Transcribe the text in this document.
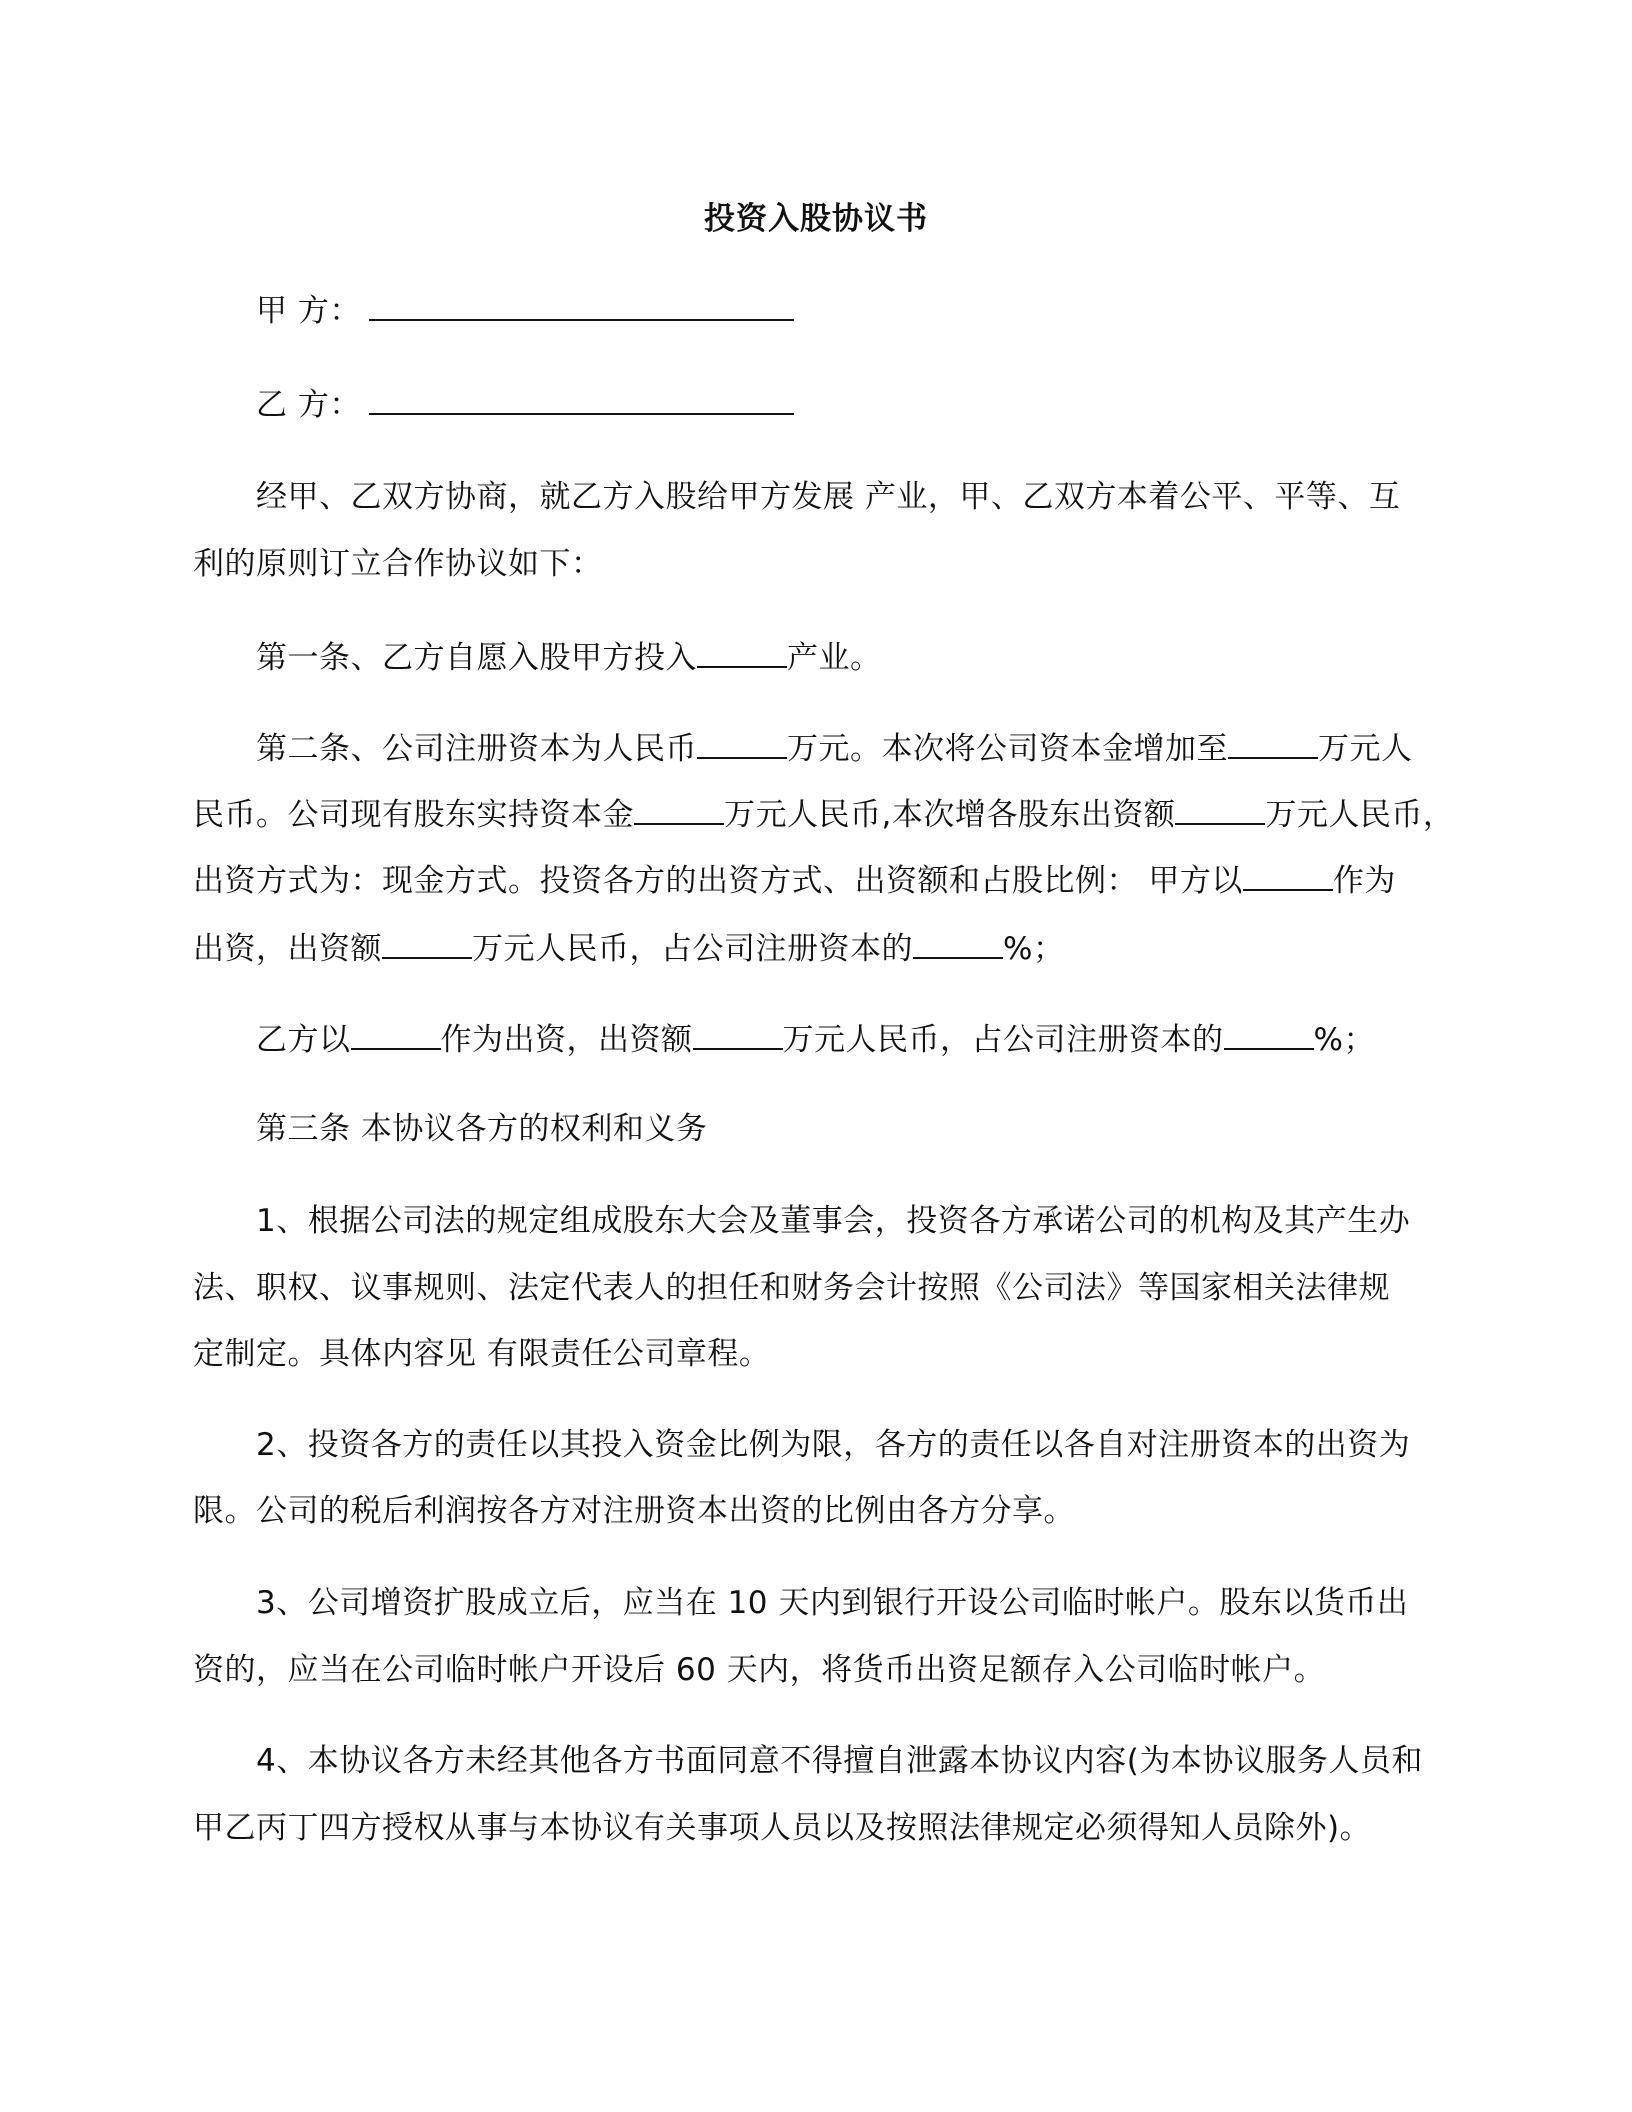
投资入股协议书
甲 方：
乙 方：
经甲、乙双方协商，就乙方入股给甲方发展 产业，甲、乙双方本着公平、平等、互
利的原则订立合作协议如下：
第一条、乙方自愿入股甲方投入	产业。
第二条、公司注册资本为人民币	万元。本次将公司资本金增加至	万元人
民币。公司现有股东实持资本金	万元人民币,本次增各股东出资额	万元人民币，
出资方式为：现金方式。投资各方的出资方式、出资额和占股比例： 甲方以	作为
出资，出资额	万元人民币，占公司注册资本的	%；
乙方以	作为出资，出资额	万元人民币，占公司注册资本的	%；
第三条 本协议各方的权利和义务
1、根据公司法的规定组成股东大会及董事会，投资各方承诺公司的机构及其产生办
法、职权、议事规则、法定代表人的担任和财务会计按照《公司法》等国家相关法律规
定制定。具体内容见 有限责任公司章程。
2、投资各方的责任以其投入资金比例为限，各方的责任以各自对注册资本的出资为
限。公司的税后利润按各方对注册资本出资的比例由各方分享。
3、公司增资扩股成立后，应当在 10 天内到银行开设公司临时帐户。股东以货币出
资的，应当在公司临时帐户开设后 60 天内，将货币出资足额存入公司临时帐户。
4、本协议各方未经其他各方书面同意不得擅自泄露本协议内容(为本协议服务人员和
甲乙丙丁四方授权从事与本协议有关事项人员以及按照法律规定必须得知人员除外)。
